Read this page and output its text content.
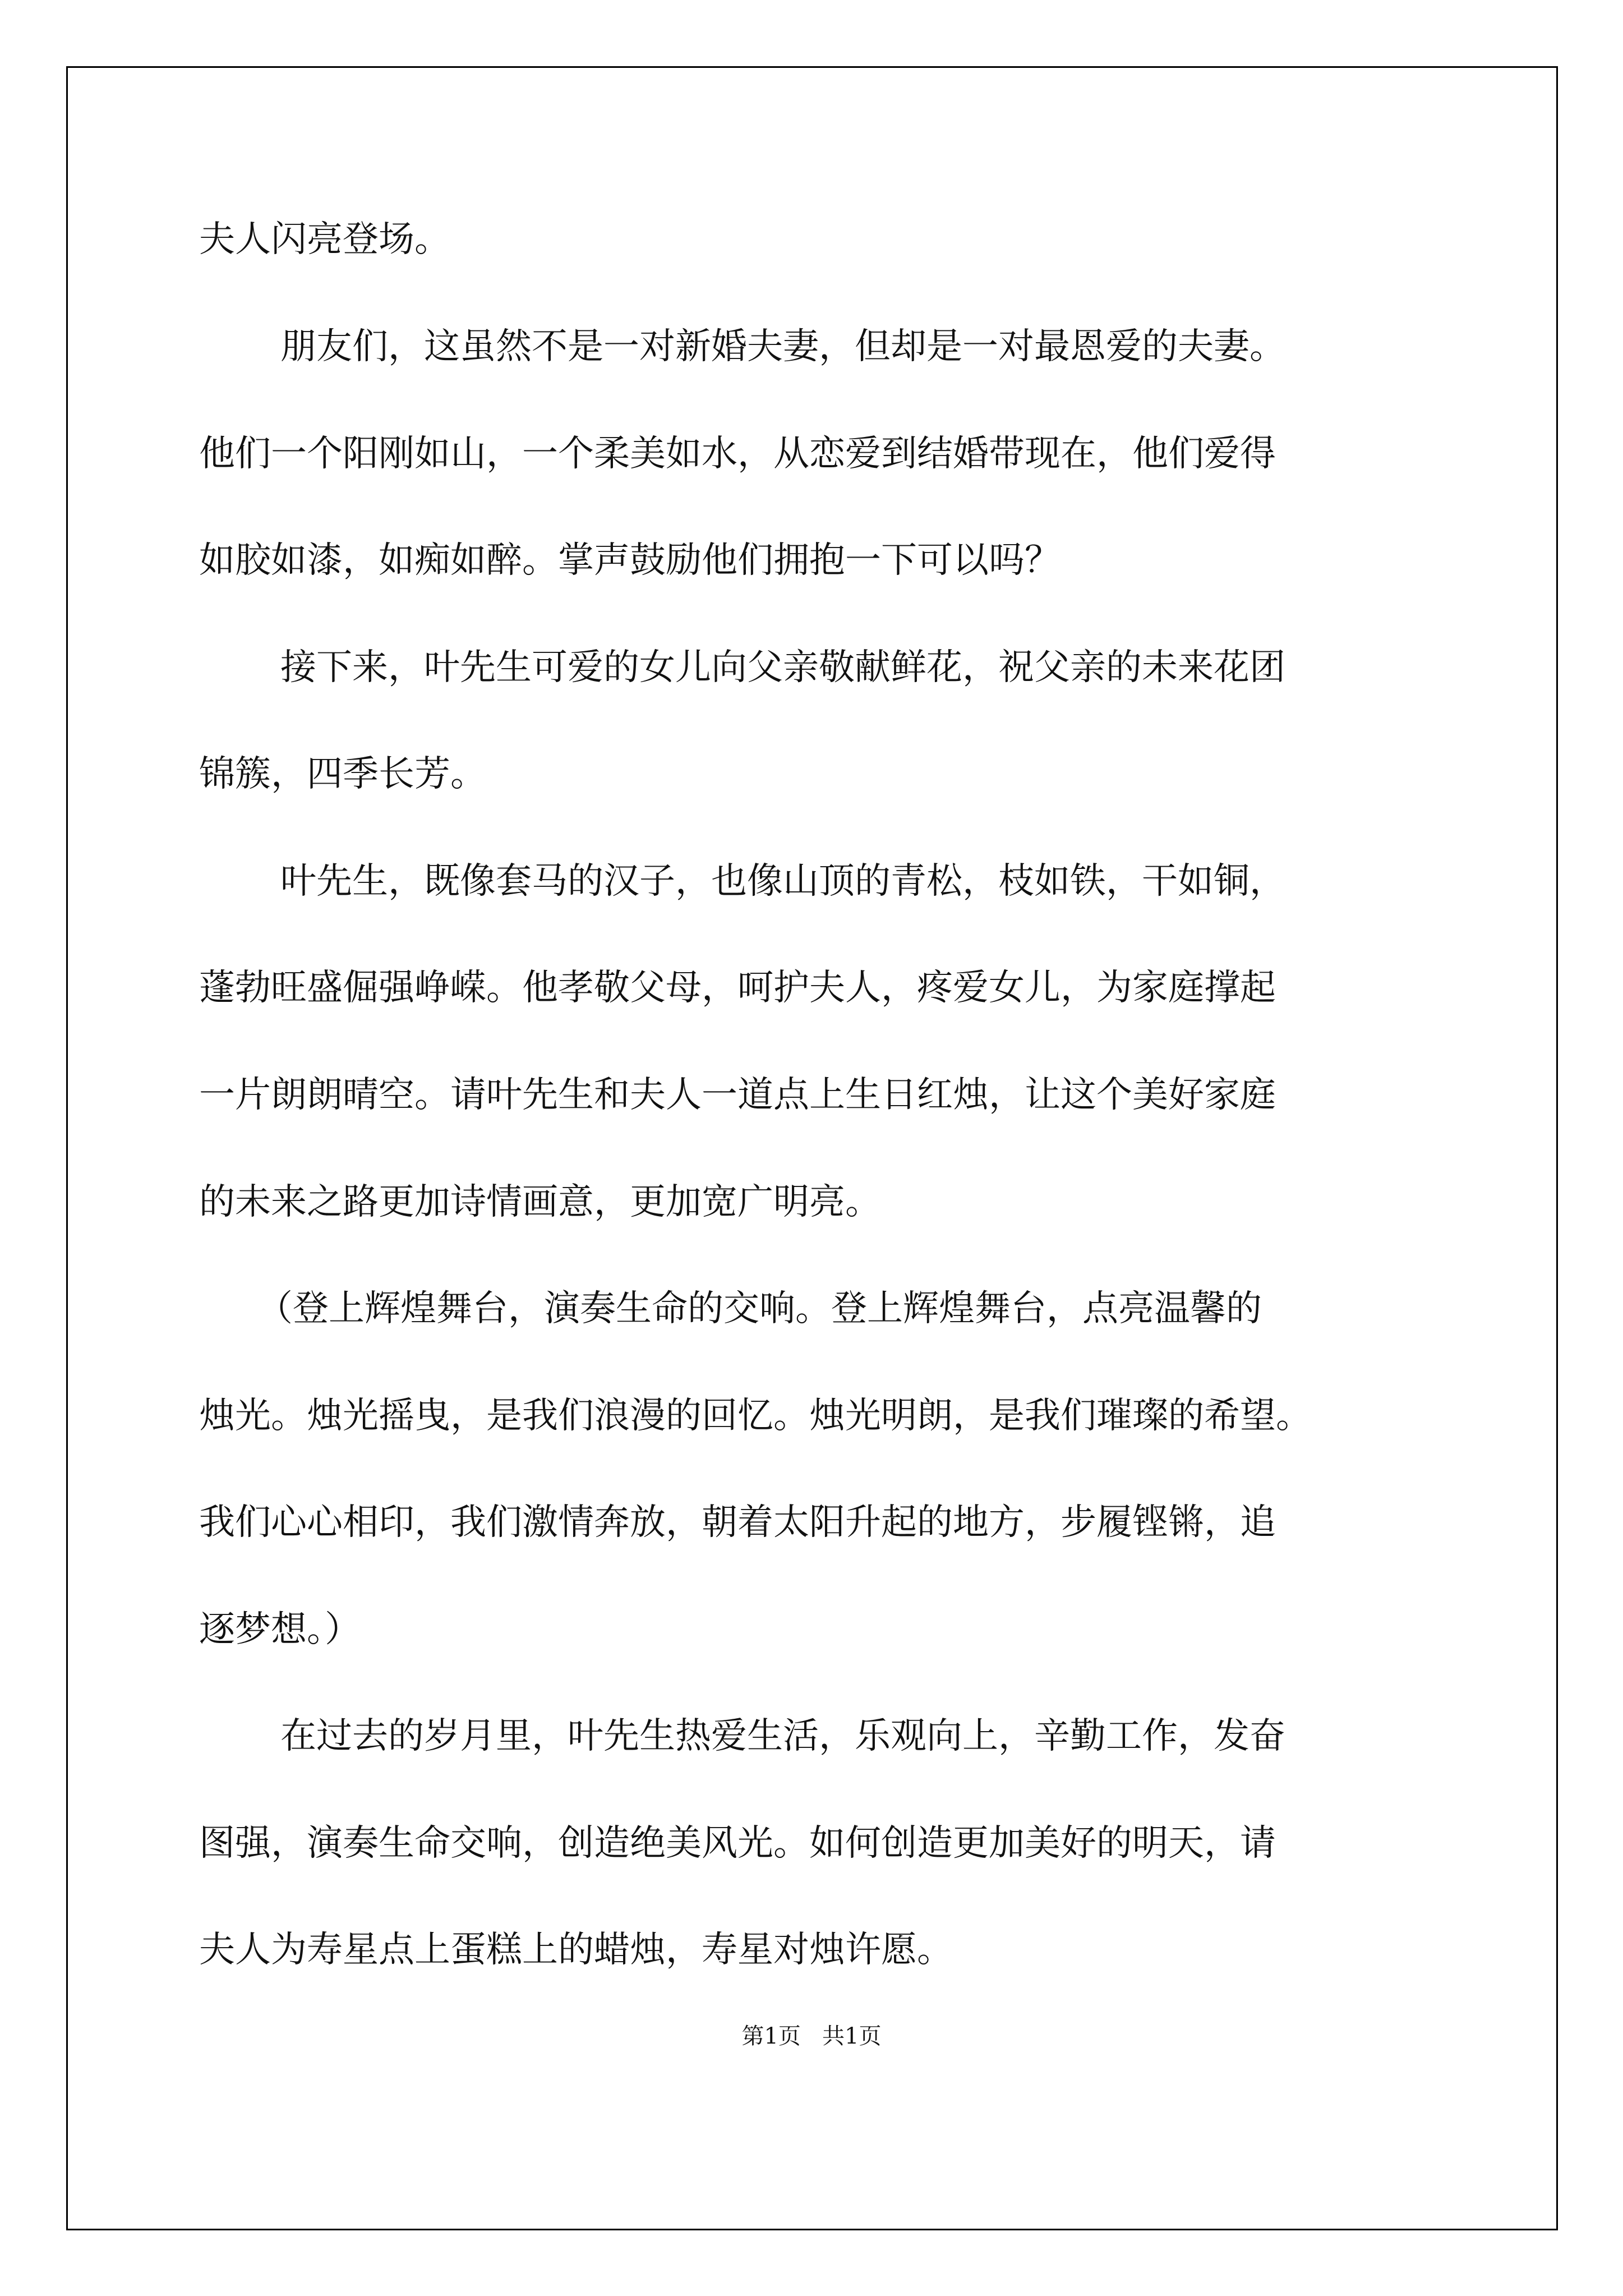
夫人闪亮登场。
朋友们，这虽然不是一对新婚夫妻，但却是一对最恩爱的夫妻。
他们一个阳刚如山，一个柔美如水，从恋爱到结婚带现在，他们爱得
如胶如漆，如痴如醉。掌声鼓励他们拥抱一下可以吗？
接下来，叶先生可爱的女儿向父亲敬献鲜花，祝父亲的未来花团
锦簇，四季长芳。
叶先生，既像套马的汉子，也像山顶的青松，枝如铁，干如铜，
蓬勃旺盛倔强峥嵘。他孝敬父母，呵护夫人，疼爱女儿，为家庭撑起
一片朗朗晴空。请叶先生和夫人一道点上生日红烛，让这个美好家庭
的未来之路更加诗情画意，更加宽广明亮。
（登上辉煌舞台，演奏生命的交响。登上辉煌舞台，点亮温馨的
烛光。烛光摇曳，是我们浪漫的回忆。烛光明朗，是我们璀璨的希望。
我们心心相印，我们激情奔放，朝着太阳升起的地方，步履铿锵，追
逐梦想。）
在过去的岁月里，叶先生热爱生活，乐观向上，辛勤工作，发奋
图强，演奏生命交响，创造绝美风光。如何创造更加美好的明天，请
夫人为寿星点上蛋糕上的蜡烛，寿星对烛许愿。
第1页   共1页
